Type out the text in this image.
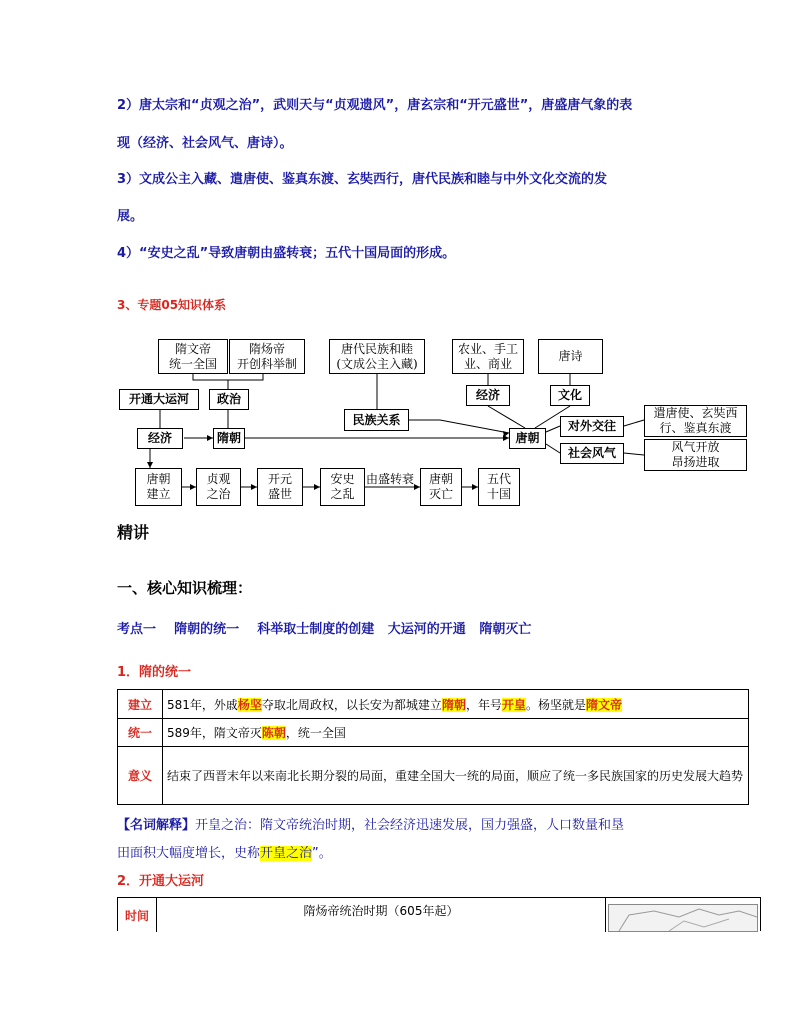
2）唐太宗和“贞观之治”，武则天与“贞观遗风”，唐玄宗和“开元盛世”，唐盛唐气象的表
现（经济、社会风气、唐诗）。
3）文成公主入藏、遣唐使、鉴真东渡、玄奘西行，唐代民族和睦与中外文化交流的发
展。
4）“安史之乱”导致唐朝由盛转衰；五代十国局面的形成。
3、专题05知识体系
隋文帝
统一全国
隋炀帝
开创科举制
唐代民族和睦
(文成公主入藏)
农业、手工
业、商业
唐诗
开通大运河	政治	经济	文化
民族关系
经济	隋朝	唐朝
对外交往
遣唐使、玄奘西
行、鉴真东渡
社会风气	风气开放
昂扬进取
唐朝
建立
贞观
之治
开元
盛世
安史
之乱
由盛转衰	唐朝
灭亡
五代
十国
精讲
一、核心知识梳理：
考点一    隋朝的统一    科举取士制度的创建   大运河的开通   隋朝灭亡
1．隋的统一
建立	581年，外戚杨坚夺取北周政权，以长安为都城建立隋朝，年号开皇。杨坚就是隋文帝
统一	589年，隋文帝灭陈朝，统一全国
意义	结束了西晋末年以来南北长期分裂的局面，重建全国大一统的局面，顺应了统一多民族国家的历史发展大趋势
【名词解释】开皇之治：隋文帝统治时期，社会经济迅速发展，国力强盛，人口数量和垦
田面积大幅度增长，史称开皇之治”。
2．开通大运河
时间	隋炀帝统治时期（605年起）
